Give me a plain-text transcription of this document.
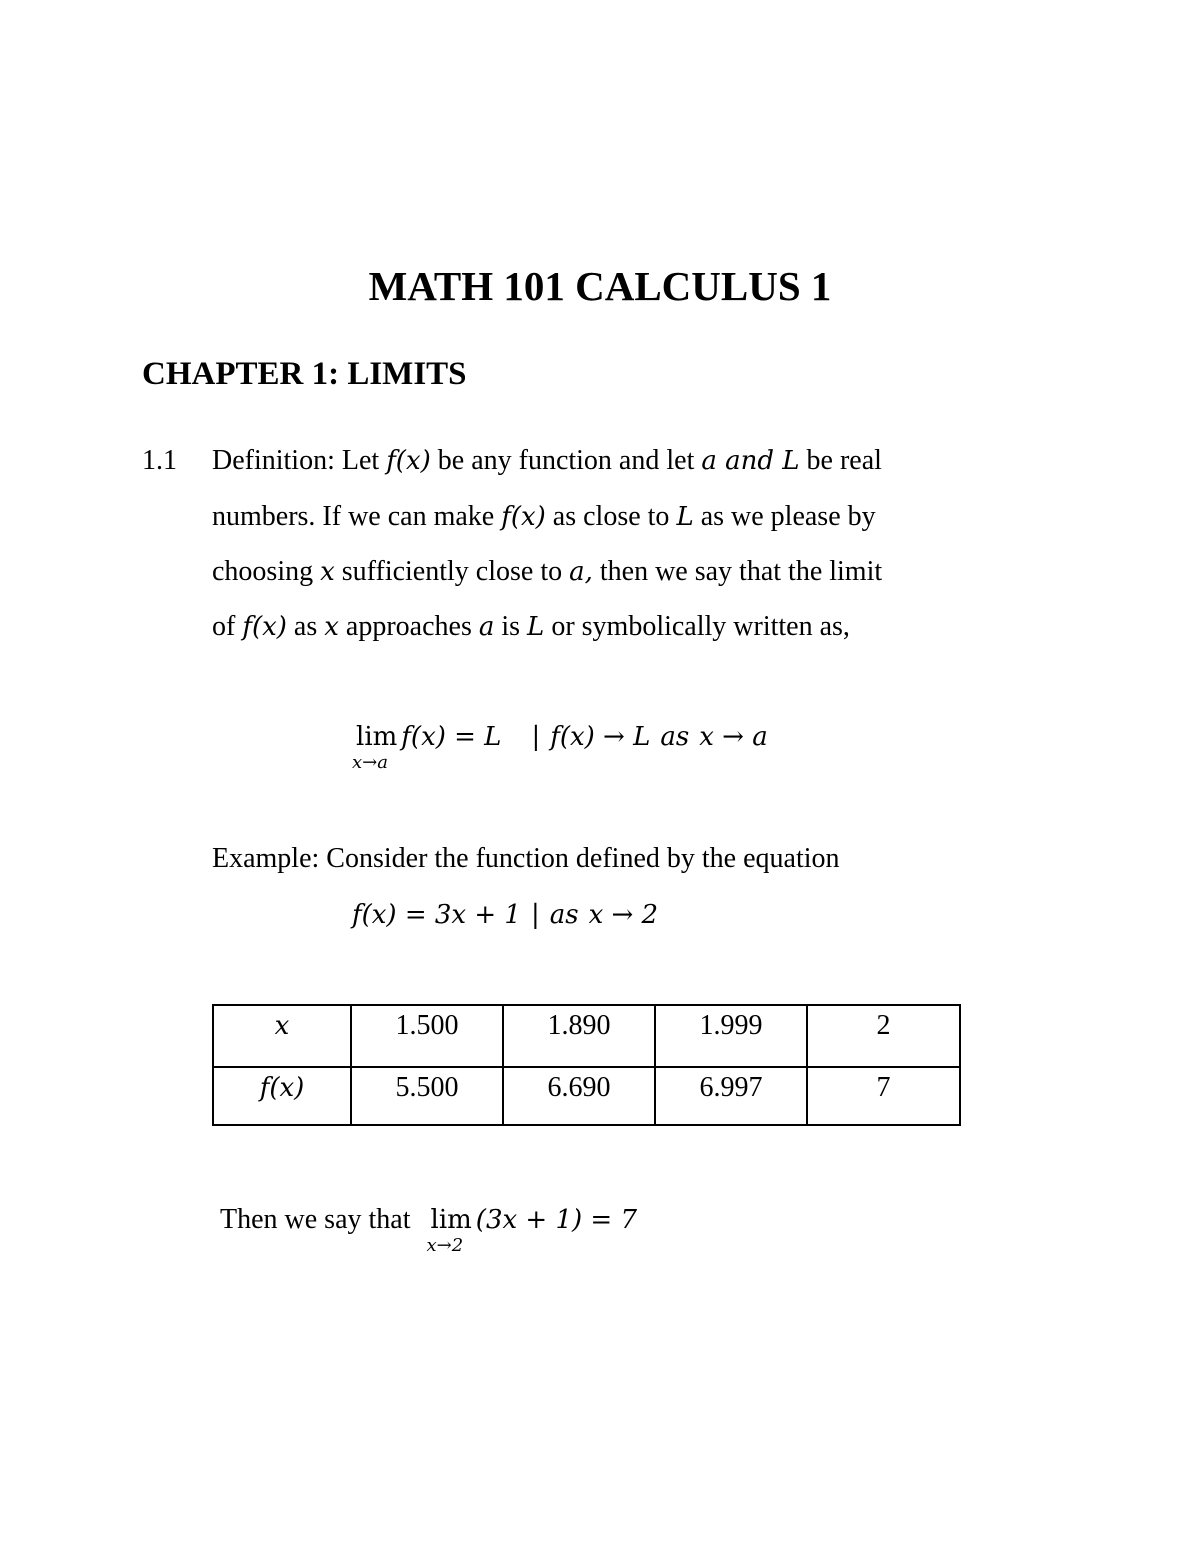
MATH 101 CALCULUS 1
CHAPTER 1: LIMITS
1.1 Definition: Let f(x) be any function and let a and L be real
numbers. If we can make f(x) as close to L as we please by
choosing x sufficiently close to a, then we say that the limit
of f(x) as x approaches a is L or symbolically written as,
lim
x→a
f(x) = L | f(x) → L as x → a
Example: Consider the function defined by the equation
f(x) = 3x + 1 | as x → 2
x	1.500	1.890	1.999	2
f(x)	5.500	6.690	6.997	7
Then we say that lim
x→2
(3x + 1) = 7
